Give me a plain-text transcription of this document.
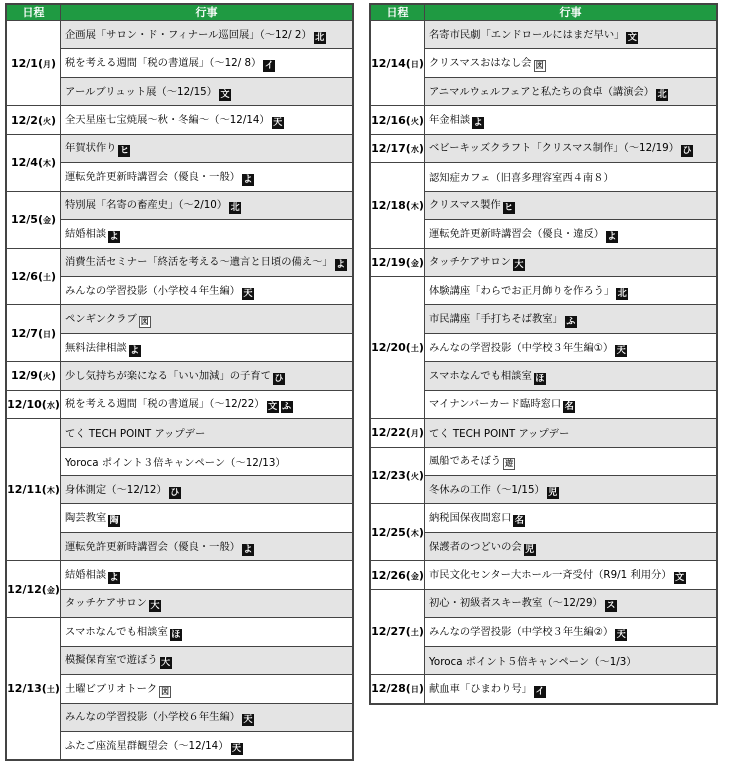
日程	行事
12/1(月)	企画展「サロン・ド・フィナール巡回展」（～12/ 2） 北
	税を考える週間「税の書道展」（～12/ 8） イ
	アールブリュット展（～12/15） 文
12/2(火)	全天星座七宝焼展～秋・冬編～（～12/14） 天
12/4(木)	年賀状作り ヒ
	運転免許更新時講習会（優良・一般） よ
12/5(金)	特別展「名寄の畜産史」（～2/10） 北
	結婚相談 よ
12/6(土)	消費生活セミナー「終活を考える～遺言と日頃の備え～」 よ
	みんなの学習投影（小学校４年生編） 天
12/7(日)	ペンギンクラブ 図
	無料法律相談 よ
12/9(火)	少し気持ちが楽になる「いい加減」の子育て ひ
12/10(水)	税を考える週間「税の書道展」（～12/22） 文 ふ
12/11(木)	てく TECH POINT アップデー
	Yoroca ポイント３倍キャンペーン（～12/13）
	身体測定（～12/12） ひ
	陶芸教室 陶
	運転免許更新時講習会（優良・一般） よ
12/12(金)	結婚相談 よ
	タッチケアサロン 大
12/13(土)	スマホなんでも相談室 ほ
	模擬保育室で遊ぼう 大
	土曜ビブリオトーク 図
	みんなの学習投影（小学校６年生編） 天
	ふたご座流星群観望会（～12/14） 天
日程	行事
12/14(日)	名寄市民劇「エンドロールにはまだ早い」 文
	クリスマスおはなし会 図
	アニマルウェルフェアと私たちの食卓（講演会） 北
12/16(火)	年金相談 よ
12/17(水)	ベビーキッズクラフト「クリスマス制作」（～12/19） ひ
12/18(木)	認知症カフェ（旧喜多理容室西４南８）
	クリスマス製作 ヒ
	運転免許更新時講習会（優良・違反） よ
12/19(金)	タッチケアサロン 大
12/20(土)	体験講座「わらでお正月飾りを作ろう」 北
	市民講座「手打ちそば教室」 ふ
	みんなの学習投影（中学校３年生編①） 天
	スマホなんでも相談室 ほ
	マイナンバーカード臨時窓口 名
12/22(月)	てく TECH POINT アップデー
12/23(火)	風船であそぼう 遊
	冬休みの工作（～1/15） 児
12/25(木)	納税国保夜間窓口 名
	保護者のつどいの会 児
12/26(金)	市民文化センター大ホール一斉受付（R9/1 利用分） 文
12/27(土)	初心・初級者スキー教室（～12/29） ス
	みんなの学習投影（中学校３年生編②） 天
	Yoroca ポイント５倍キャンペーン（～1/3）
12/28(日)	献血車「ひまわり号」 イ
